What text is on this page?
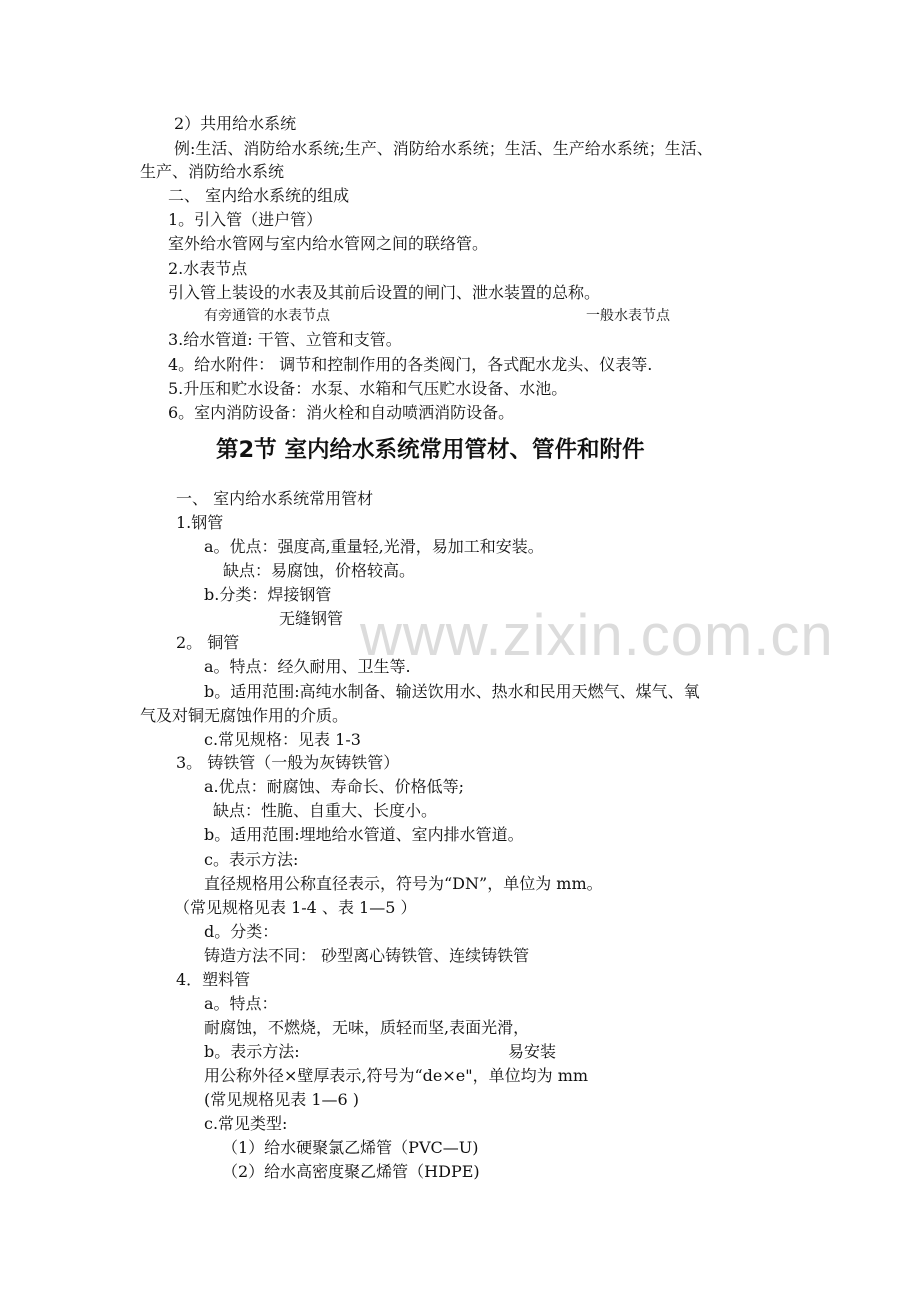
www.zixin.com.cn

2）共用给水系统

例:生活、消防给水系统;生产、消防给水系统；生活、生产给水系统；生活、

生产、消防给水系统

二、 室内给水系统的组成

1。引入管（进户管）

室外给水管网与室内给水管网之间的联络管。

2.水表节点

引入管上装设的水表及其前后设置的闸门、泄水装置的总称。

有旁通管的水表节点	一般水表节点

3.给水管道: 干管、立管和支管。

4。给水附件： 调节和控制作用的各类阀门，各式配水龙头、仪表等.

5.升压和贮水设备：水泵、水箱和气压贮水设备、水池。

6。室内消防设备：消火栓和自动喷洒消防设备。

第2节 室内给水系统常用管材、管件和附件

一、 室内给水系统常用管材

1.钢管

a。优点：强度高,重量轻,光滑，易加工和安装。

缺点：易腐蚀，价格较高。

b.分类：焊接钢管

无缝钢管

2。 铜管

a。特点：经久耐用、卫生等.

b。适用范围:高纯水制备、输送饮用水、热水和民用天燃气、煤气、氧

气及对铜无腐蚀作用的介质。

c.常见规格：见表 1-3

3。 铸铁管（一般为灰铸铁管）

a.优点：耐腐蚀、寿命长、价格低等;

缺点：性脆、自重大、长度小。

b。适用范围:埋地给水管道、室内排水管道。

c。表示方法:

直径规格用公称直径表示，符号为“DN”，单位为 mm。

（常见规格见表 1-4 、表 1—5 ）

d。分类：

铸造方法不同： 砂型离心铸铁管、连续铸铁管

4．塑料管

a。特点：

耐腐蚀，不燃烧，无味，质轻而坚,表面光滑，

b。表示方法:	易安装

用公称外径×壁厚表示,符号为“de×e"，单位均为 mm

(常见规格见表 1—6 )

c.常见类型:

（1）给水硬聚氯乙烯管（PVC—U)

（2）给水高密度聚乙烯管（HDPE)
